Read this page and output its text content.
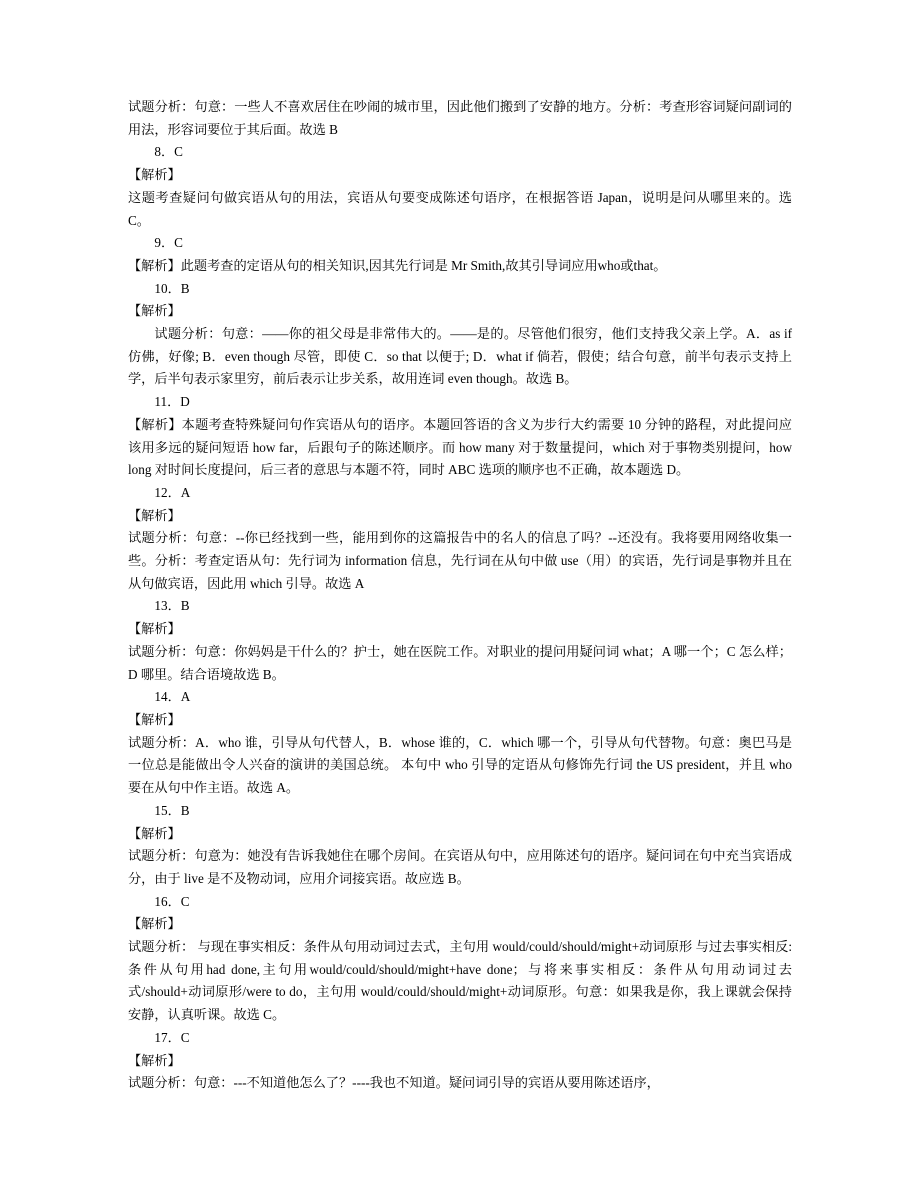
试题分析：句意：一些人不喜欢居住在吵闹的城市里，因此他们搬到了安静的地方。分析：考查形容词疑问副词的用法，形容词要位于其后面。故选 B

8．C

【解析】

这题考查疑问句做宾语从句的用法，宾语从句要变成陈述句语序，在根据答语 Japan，说明是问从哪里来的。选 C。

9．C

【解析】此题考查的定语从句的相关知识,因其先行词是 Mr Smith,故其引导词应用who或that。

10．B

【解析】

试题分析：句意：——你的祖父母是非常伟大的。——是的。尽管他们很穷，他们支持我父亲上学。A．as if 仿佛，好像; B．even though 尽管，即使 C．so that 以便于; D．what if 倘若，假使；结合句意，前半句表示支持上学，后半句表示家里穷，前后表示让步关系，故用连词 even though。故选 B。

11．D

【解析】本题考查特殊疑问句作宾语从句的语序。本题回答语的含义为步行大约需要 10 分钟的路程，对此提问应该用多远的疑问短语 how far，后跟句子的陈述顺序。而 how many 对于数量提问，which 对于事物类别提问，how long 对时间长度提问，后三者的意思与本题不符，同时 ABC 选项的顺序也不正确，故本题选 D。

12．A

【解析】

试题分析：句意：--你已经找到一些，能用到你的这篇报告中的名人的信息了吗？--还没有。我将要用网络收集一些。分析：考查定语从句：先行词为 information 信息，先行词在从句中做 use（用）的宾语，先行词是事物并且在从句做宾语，因此用 which 引导。故选 A

13．B

【解析】

试题分析：句意：你妈妈是干什么的？护士，她在医院工作。对职业的提问用疑问词 what；A 哪一个；C 怎么样；D 哪里。结合语境故选 B。

14．A

【解析】

试题分析：A．who 谁，引导从句代替人，B．whose 谁的，C．which 哪一个，引导从句代替物。句意：奥巴马是一位总是能做出令人兴奋的演讲的美国总统。 本句中 who 引导的定语从句修饰先行词 the US president，并且 who 要在从句中作主语。故选 A。

15．B

【解析】

试题分析：句意为：她没有告诉我她住在哪个房间。在宾语从句中，应用陈述句的语序。疑问词在句中充当宾语成分，由于 live 是不及物动词，应用介词接宾语。故应选 B。

16．C

【解析】

试题分析： 与现在事实相反：条件从句用动词过去式，主句用 would/could/should/might+动词原形 与过去事实相反: 条件从句用had done,主句用would/could/should/might+have done；与将来事实相反：条件从句用动词过去式/should+动词原形/were to do，主句用 would/could/should/might+动词原形。句意：如果我是你，我上课就会保持安静，认真听课。故选 C。

17．C

【解析】

试题分析：句意：---不知道他怎么了？----我也不知道。疑问词引导的宾语从要用陈述语序，
